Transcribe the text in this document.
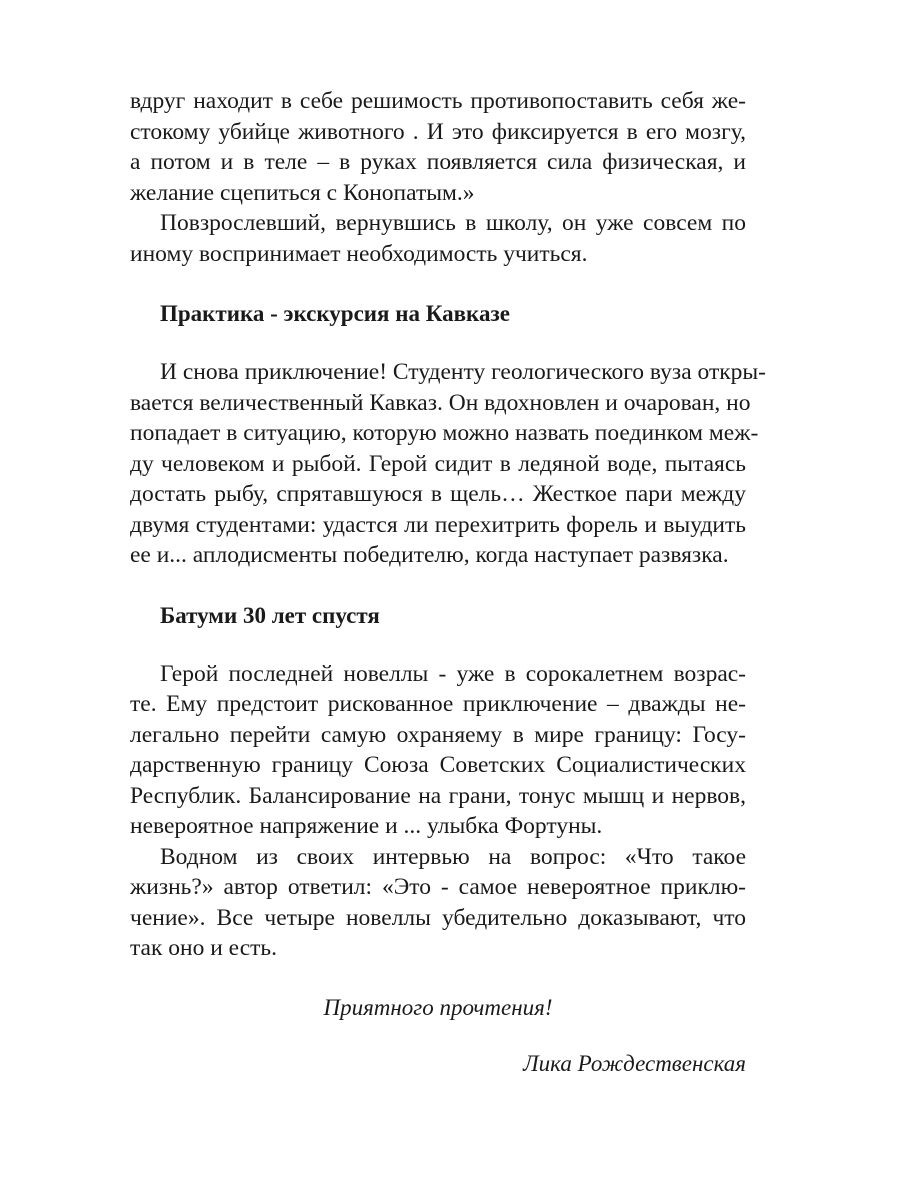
вдруг находит в себе решимость противопоставить себя же-
стокому убийце животного . И это фиксируется в его мозгу,
а потом и в теле – в руках появляется сила физическая, и
желание сцепиться с Конопатым.»
Повзрослевший, вернувшись в школу, он уже совсем по
иному воспринимает необходимость учиться.
Практика - экскурсия на Кавказе
И снова приключение! Студенту геологического вуза откры-
вается величественный Кавказ. Он вдохновлен и очарован, но
попадает в ситуацию, которую можно назвать поединком меж-
ду человеком и рыбой. Герой сидит в ледяной воде, пытаясь
достать рыбу, спрятавшуюся в щель… Жесткое пари между
двумя студентами: удастся ли перехитрить форель и выудить
ее и... аплодисменты победителю, когда наступает развязка.
Батуми 30 лет спустя
Герой последней новеллы - уже в сорокалетнем возрас-
те. Ему предстоит рискованное приключение – дважды не-
легально перейти самую охраняему в мире границу: Госу-
дарственную границу Союза Советских Социалистических
Республик. Балансирование на грани, тонус мышц и нервов,
невероятное напряжение и ... улыбка Фортуны.
Водном из своих интервью на вопрос: «Что такое
жизнь?» автор ответил: «Это - самое невероятное приклю-
чение». Все четыре новеллы убедительно доказывают, что
так оно и есть.
Приятного прочтения!
Лика Рождественская
